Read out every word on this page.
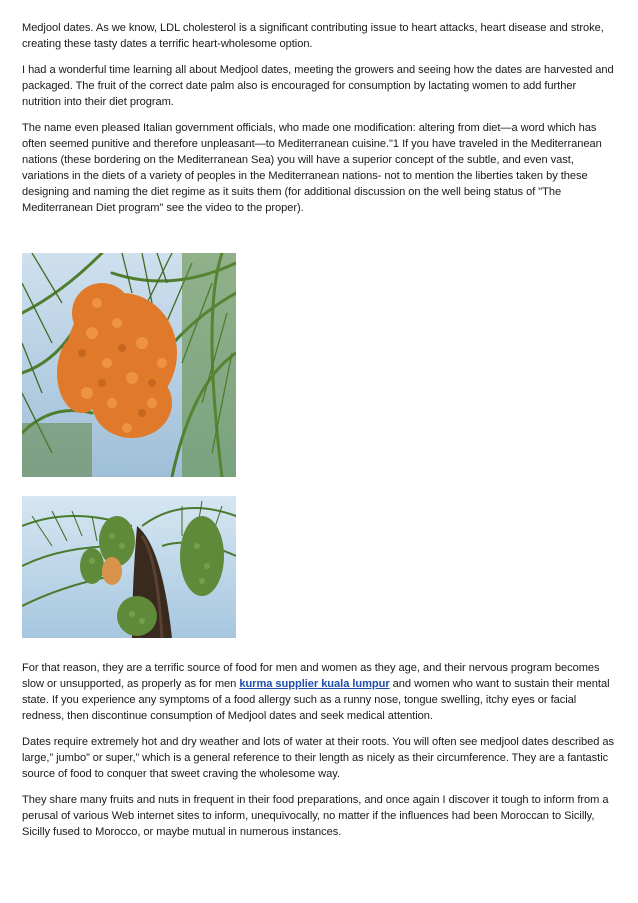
Medjool dates. As we know, LDL cholesterol is a significant contributing issue to heart attacks, heart disease and stroke, creating these tasty dates a terrific heart-wholesome option.

I had a wonderful time learning all about Medjool dates, meeting the growers and seeing how the dates are harvested and packaged. The fruit of the correct date palm also is encouraged for consumption by lactating women to add further nutrition into their diet program.

The name even pleased Italian government officials, who made one modification: altering from diet—a word which has often seemed punitive and therefore unpleasant—to Mediterranean cuisine."1 If you have traveled in the Mediterranean nations (these bordering on the Mediterranean Sea) you will have a superior concept of the subtle, and even vast, variations in the diets of a variety of peoples in the Mediterranean nations- not to mention the liberties taken by these designing and naming the diet regime as it suits them (for additional discussion on the well being status of "The Mediterranean Diet program" see the video to the proper).

For that reason, they are a terrific source of food for men and women as they age, and their nervous program becomes slow or unsupported, as properly as for men kurma supplier kuala lumpur and women who want to sustain their mental state. If you experience any symptoms of a food allergy such as a runny nose, tongue swelling, itchy eyes or facial redness, then discontinue consumption of Medjool dates and seek medical attention.

Dates require extremely hot and dry weather and lots of water at their roots. You will often see medjool dates described as large,” jumbo” or super,” which is a general reference to their length as nicely as their circumference. They are a fantastic source of food to conquer that sweet craving the wholesome way.

They share many fruits and nuts in frequent in their food preparations, and once again I discover it tough to inform from a perusal of various Web internet sites to inform, unequivocally, no matter if the influences had been Moroccan to Sicilly, Sicilly fused to Morocco, or maybe mutual in numerous instances.
